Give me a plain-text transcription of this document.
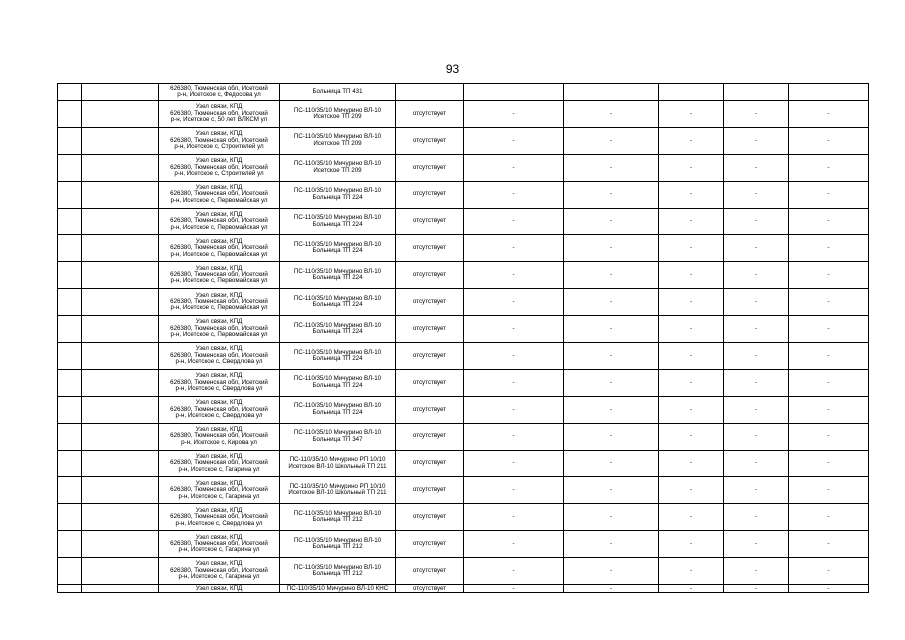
93

		626380, Тюменская обл, Исетский
р-н, Исетское с, Федосова ул	Больница ТП 431							

		Узел связи, КПД
626380, Тюменская обл, Исетский
р-н, Исетское с, 50 лет ВЛКСМ ул	ПС-110/35/10 Мичурино ВЛ-10
Исетское ТП 209	отсутствует	-	-	-	-	-	

		Узел связи, КПД
626380, Тюменская обл, Исетский
р-н, Исетское с, Строителей ул	ПС-110/35/10 Мичурино ВЛ-10
Исетское ТП 209	отсутствует	-	-	-	-	-	

		Узел связи, КПД
626380, Тюменская обл, Исетский
р-н, Исетское с, Строителей ул	ПС-110/35/10 Мичурино ВЛ-10
Исетское ТП 209	отсутствует	-	-	-	-	-	

		Узел связи, КПД
626380, Тюменская обл, Исетский
р-н, Исетское с, Первомайская ул	ПС-110/35/10 Мичурино ВЛ-10
Больница ТП 224	отсутствует	-	-	-	-	-	

		Узел связи, КПД
626380, Тюменская обл, Исетский
р-н, Исетское с, Первомайская ул	ПС-110/35/10 Мичурино ВЛ-10
Больница ТП 224	отсутствует	-	-	-	-	-	

		Узел связи, КПД
626380, Тюменская обл, Исетский
р-н, Исетское с, Первомайская ул	ПС-110/35/10 Мичурино ВЛ-10
Больница ТП 224	отсутствует	-	-	-	-	-	

		Узел связи, КПД
626380, Тюменская обл, Исетский
р-н, Исетское с, Первомайская ул	ПС-110/35/10 Мичурино ВЛ-10
Больница ТП 224	отсутствует	-	-	-	-	-	

		Узел связи, КПД
626380, Тюменская обл, Исетский
р-н, Исетское с, Первомайская ул	ПС-110/35/10 Мичурино ВЛ-10
Больница ТП 224	отсутствует	-	-	-	-	-	

		Узел связи, КПД
626380, Тюменская обл, Исетский
р-н, Исетское с, Первомайская ул	ПС-110/35/10 Мичурино ВЛ-10
Больница ТП 224	отсутствует	-	-	-	-	-	

		Узел связи, КПД
626380, Тюменская обл, Исетский
р-н, Исетское с, Свердлова ул	ПС-110/35/10 Мичурино ВЛ-10
Больница ТП 224	отсутствует	-	-	-	-	-	

		Узел связи, КПД
626380, Тюменская обл, Исетский
р-н, Исетское с, Свердлова ул	ПС-110/35/10 Мичурино ВЛ-10
Больница ТП 224	отсутствует	-	-	-	-	-	

		Узел связи, КПД
626380, Тюменская обл, Исетский
р-н, Исетское с, Свердлова ул	ПС-110/35/10 Мичурино ВЛ-10
Больница ТП 224	отсутствует	-	-	-	-	-	

		Узел связи, КПД
626380, Тюменская обл, Исетский
р-н, Исетское с, Кирова ул	ПС-110/35/10 Мичурино ВЛ-10
Больница ТП 347	отсутствует	-	-	-	-	-	

		Узел связи, КПД
626380, Тюменская обл, Исетский
р-н, Исетское с, Гагарина ул	ПС-110/35/10 Мичурино РП 10/10
Исетское ВЛ-10 Школьный ТП 211	отсутствует	-	-	-	-	-	

		Узел связи, КПД
626380, Тюменская обл, Исетский
р-н, Исетское с, Гагарина ул	ПС-110/35/10 Мичурино РП 10/10
Исетское ВЛ-10 Школьный ТП 211	отсутствует	-	-	-	-	-	

		Узел связи, КПД
626380, Тюменская обл, Исетский
р-н, Исетское с, Свердлова ул	ПС-110/35/10 Мичурино ВЛ-10
Больница ТП 212	отсутствует	-	-	-	-	-	

		Узел связи, КПД
626380, Тюменская обл, Исетский
р-н, Исетское с, Гагарина ул	ПС-110/35/10 Мичурино ВЛ-10
Больница ТП 212	отсутствует	-	-	-	-	-	

		Узел связи, КПД
626380, Тюменская обл, Исетский
р-н, Исетское с, Гагарина ул	ПС-110/35/10 Мичурино ВЛ-10
Больница ТП 212	отсутствует	-	-	-	-	-	

		Узел связи, КПД	ПС-110/35/10 Мичурино ВЛ-10 КНС	отсутствует	-	-	-	-	-	
